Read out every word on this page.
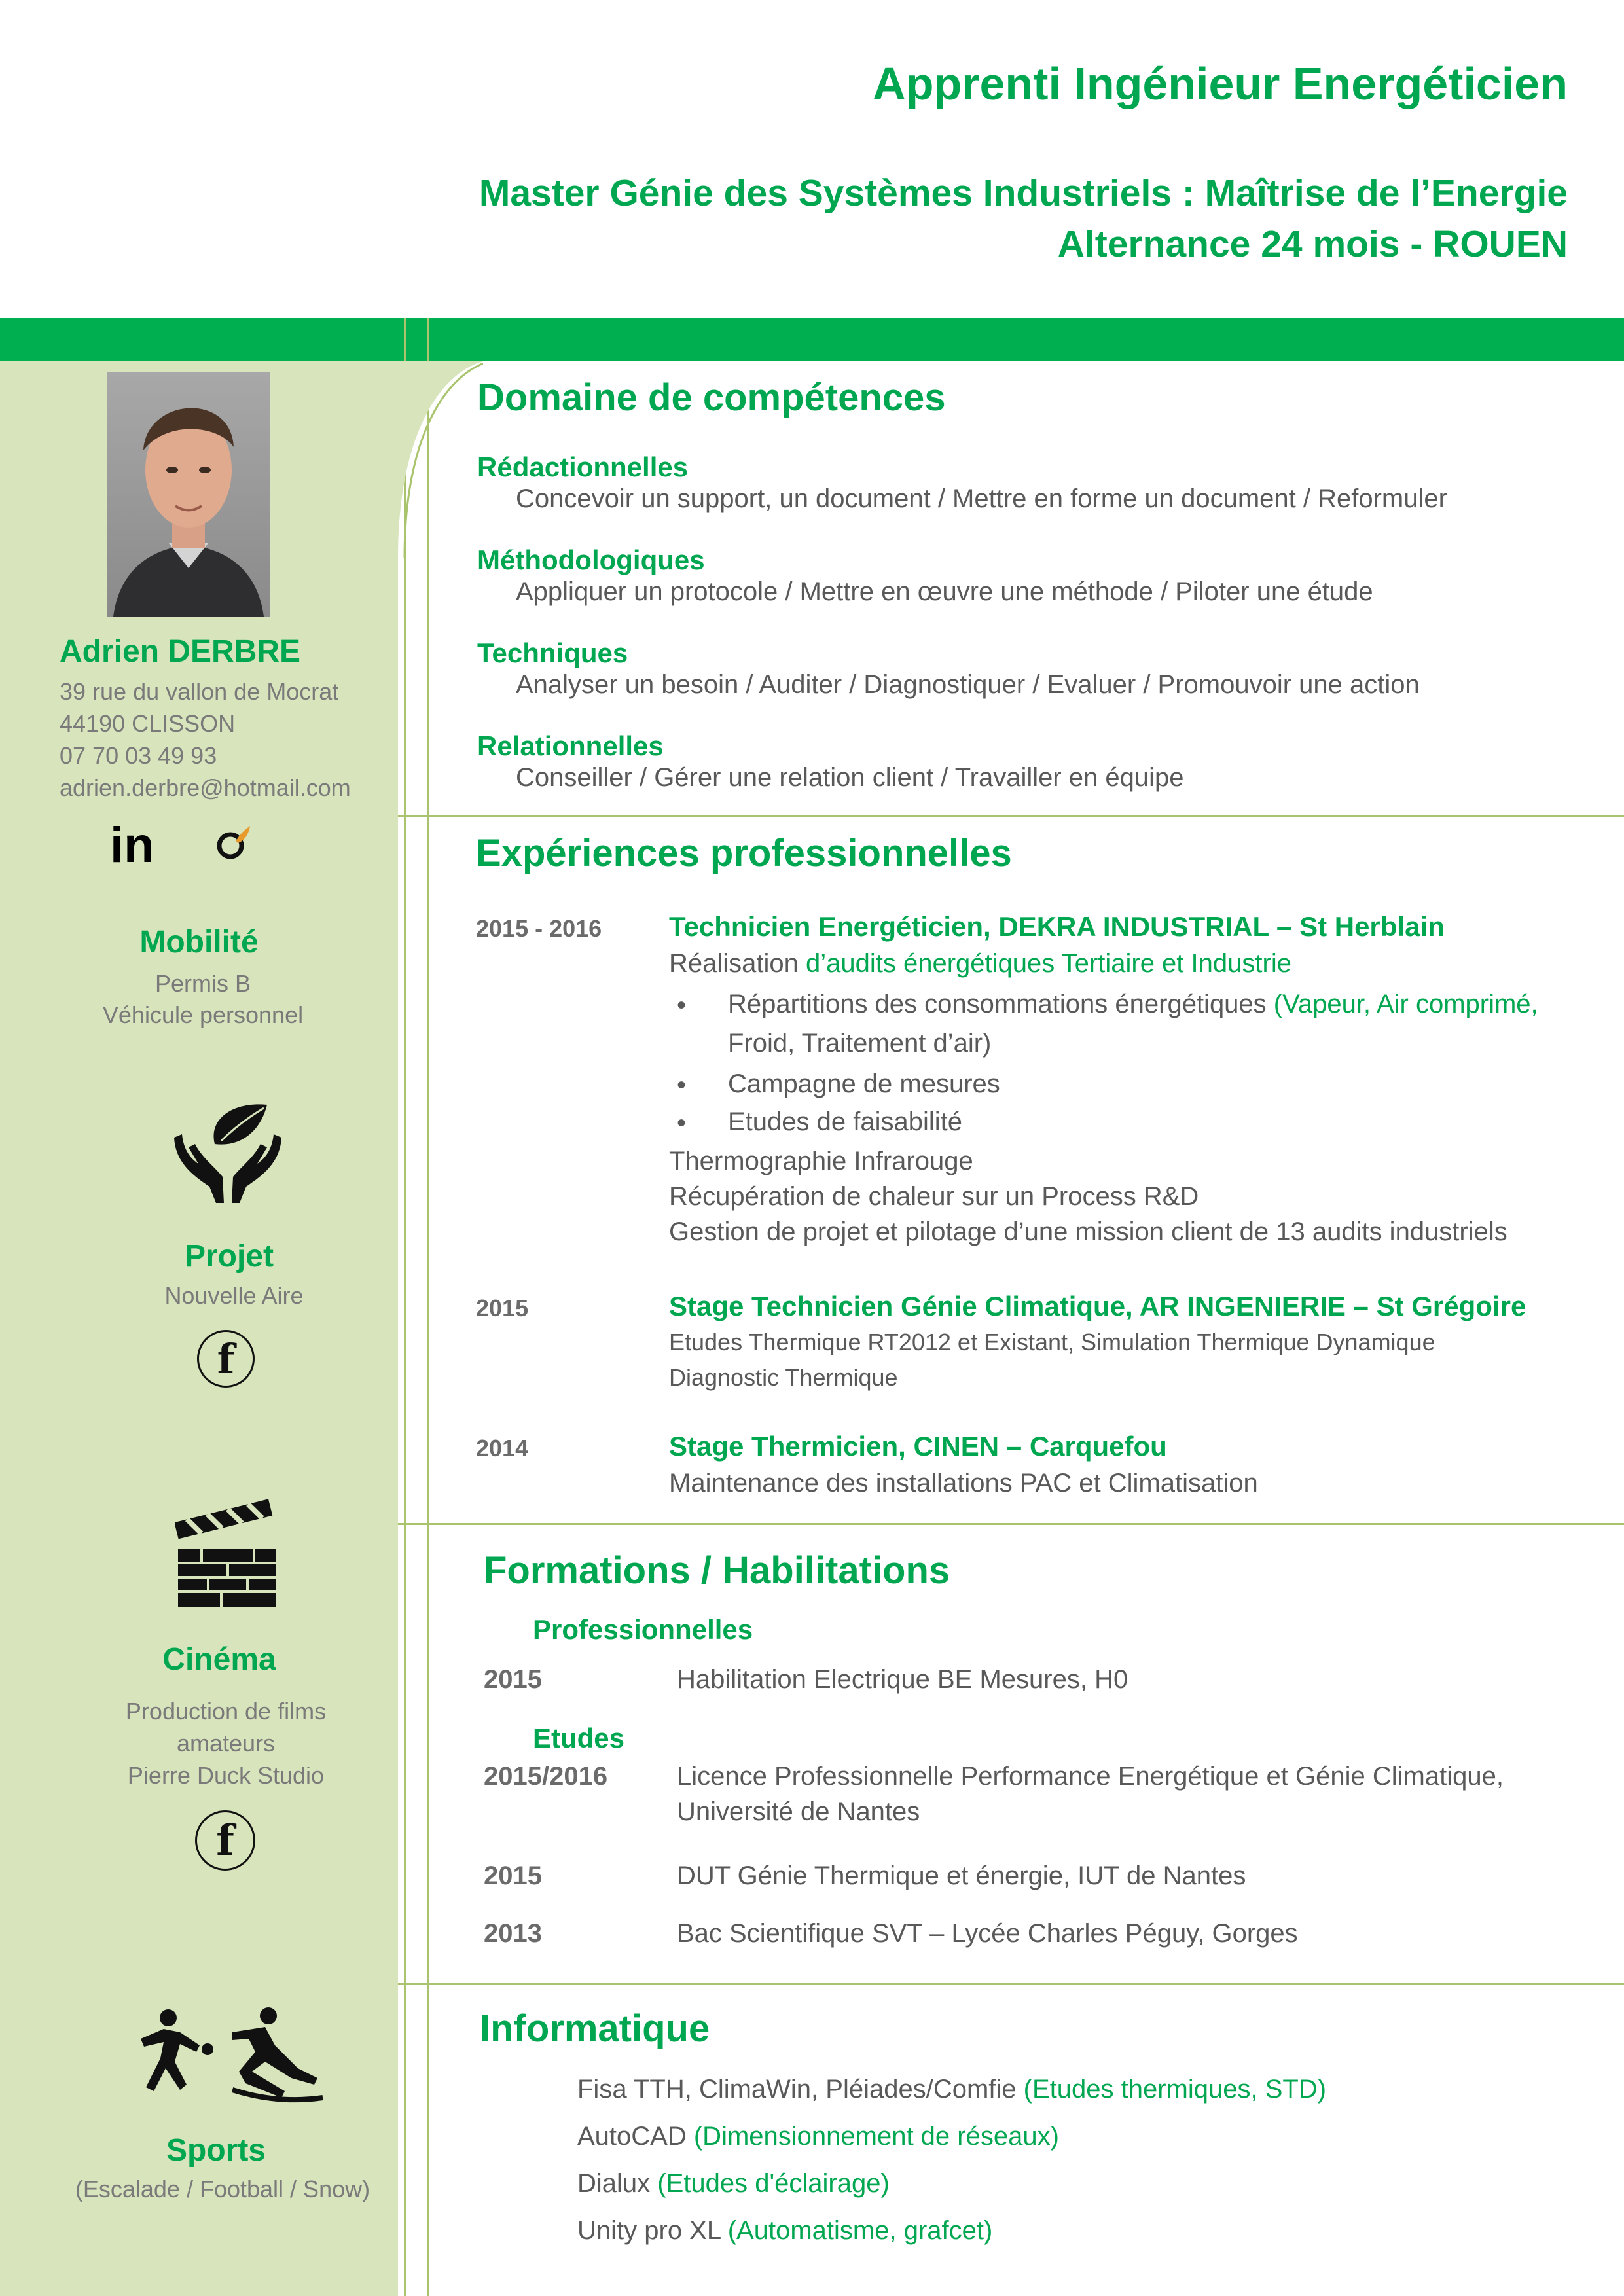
Apprenti Ingénieur Energéticien
Master Génie des Systèmes Industriels : Maîtrise de l’Energie
Alternance 24 mois - ROUEN
Adrien DERBRE
39 rue du vallon de Mocrat
44190 CLISSON
07 70 03 49 93
adrien.derbre@hotmail.com
in
Mobilité
Permis B
Véhicule personnel
Projet
Nouvelle Aire
f
Cinéma
Production de films
amateurs
Pierre Duck Studio
f
Sports
(Escalade / Football / Snow)
Domaine de compétences
Rédactionnelles
Concevoir un support, un document / Mettre en forme un document / Reformuler
Méthodologiques
Appliquer un protocole / Mettre en œuvre une méthode / Piloter une étude
Techniques
Analyser un besoin / Auditer / Diagnostiquer / Evaluer / Promouvoir une action
Relationnelles
Conseiller / Gérer une relation client / Travailler en équipe
Expériences professionnelles
2015 - 2016 Technicien Energéticien, DEKRA INDUSTRIAL – St Herblain
Réalisation d’audits énergétiques Tertiaire et Industrie
• Répartitions des consommations énergétiques (Vapeur, Air comprimé,
Froid, Traitement d’air)
• Campagne de mesures
• Etudes de faisabilité
Thermographie Infrarouge
Récupération de chaleur sur un Process R&D
Gestion de projet et pilotage d’une mission client de 13 audits industriels
2015	Stage Technicien Génie Climatique, AR INGENIERIE – St Grégoire
Etudes Thermique RT2012 et Existant, Simulation Thermique Dynamique
Diagnostic Thermique
2014	Stage Thermicien, CINEN – Carquefou
Maintenance des installations PAC et Climatisation
Formations / Habilitations
Professionnelles
2015	Habilitation Electrique BE Mesures, H0
Etudes
2015/2016	Licence Professionnelle Performance Energétique et Génie Climatique,
Université de Nantes
2015	DUT Génie Thermique et énergie, IUT de Nantes
2013	Bac Scientifique SVT – Lycée Charles Péguy, Gorges
Informatique
Fisa TTH, ClimaWin, Pléiades/Comfie (Etudes thermiques, STD)
AutoCAD (Dimensionnement de réseaux)
Dialux (Etudes d'éclairage)
Unity pro XL (Automatisme, grafcet)
